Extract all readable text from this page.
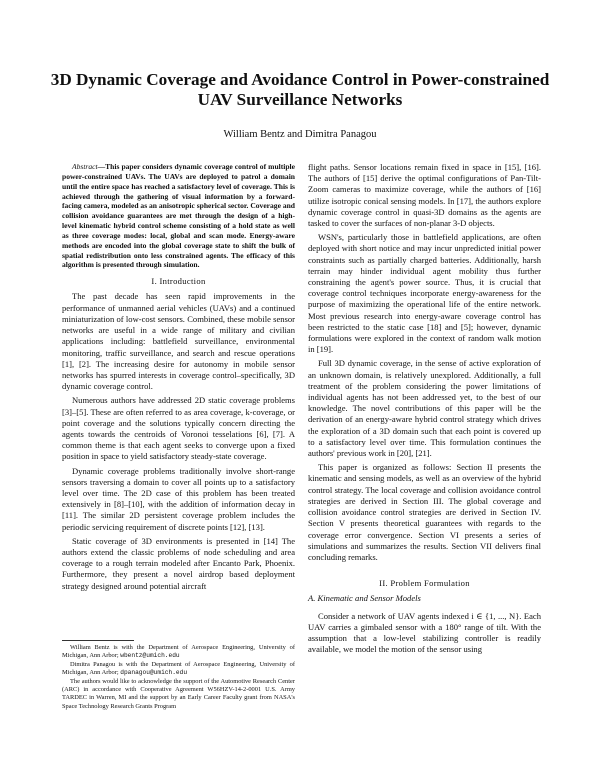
3D Dynamic Coverage and Avoidance Control in Power-constrained UAV Surveillance Networks
William Bentz and Dimitra Panagou

Abstract—This paper considers dynamic coverage control of multiple power-constrained UAVs. The UAVs are deployed to patrol a domain until the entire space has reached a satisfactory level of coverage. This is achieved through the gathering of visual information by a forward-facing camera, modeled as an anisotropic spherical sector. Coverage and collision avoidance guarantees are met through the design of a high-level kinematic hybrid control scheme consisting of a hold state as well as three coverage modes: local, global and scan mode. Energy-aware methods are encoded into the global coverage state to shift the bulk of spatial redistribution onto less constrained agents. The efficacy of this algorithm is presented through simulation.

I. Introduction

The past decade has seen rapid improvements in the performance of unmanned aerial vehicles (UAVs) and a continued miniaturization of low-cost sensors. Combined, these mobile sensor networks are useful in a wide range of military and civilian applications including: battlefield surveillance, environmental monitoring, traffic surveillance, and search and rescue operations [1], [2]. The increasing desire for autonomy in mobile sensor networks has spurred interests in coverage control–specifically, 3D dynamic coverage control.

Numerous authors have addressed 2D static coverage problems [3]–[5]. These are often referred to as area coverage, k-coverage, or point coverage and the solutions typically concern directing the agents towards the centroids of Voronoi tesselations [6], [7]. A common theme is that each agent seeks to converge upon a fixed position in space to yield satisfactory steady-state coverage.

Dynamic coverage problems traditionally involve short-range sensors traversing a domain to cover all points up to a satisfactory level over time. The 2D case of this problem has been treated extensively in [8]–[10], with the addition of information decay in [11]. The similar 2D persistent coverage problem includes the periodic servicing requirement of discrete points [12], [13].

Static coverage of 3D environments is presented in [14] The authors extend the classic problems of node scheduling and area coverage to a rough terrain modeled after Encanto Park, Phoenix. Furthermore, they present a novel airdrop based deployment strategy designed around potential aircraft

William Bentz is with the Department of Aerospace Engineering, University of Michigan, Ann Arbor; wbentz@umich.edu

Dimitra Panagou is with the Department of Aerospace Engineering, University of Michigan, Ann Arbor; dpanagou@umich.edu

The authors would like to acknowledge the support of the Automotive Research Center (ARC) in accordance with Cooperative Agreement W56HZV-14-2-0001 U.S. Army TARDEC in Warren, MI and the support by an Early Career Faculty grant from NASA's Space Technology Research Grants Program

flight paths. Sensor locations remain fixed in space in [15], [16]. The authors of [15] derive the optimal configurations of Pan-Tilt-Zoom cameras to maximize coverage, while the authors of [16] utilize isotropic conical sensing models. In [17], the authors explore dynamic coverage control in quasi-3D domains as the agents are tasked to cover the surfaces of non-planar 3-D objects.

WSN's, particularly those in battlefield applications, are often deployed with short notice and may incur unpredicted initial power constraints such as partially charged batteries. Additionally, harsh terrain may hinder individual agent mobility thus further constraining the agent's power source. Thus, it is crucial that coverage control techniques incorporate energy-awareness for the purpose of maximizing the operational life of the entire network. Most previous research into energy-aware coverage control has been restricted to the static case [18] and [5]; however, dynamic formulations were explored in the context of random walk motion in [19].

Full 3D dynamic coverage, in the sense of active exploration of an unknown domain, is relatively unexplored. Additionally, a full treatment of the problem considering the power limitations of individual agents has not been addressed yet, to the best of our knowledge. The novel contributions of this paper will be the derivation of an energy-aware hybrid control strategy which drives the exploration of a 3D domain such that each point is covered up to a satisfactory level over time. This formulation continues the authors' previous work in [20], [21].

This paper is organized as follows: Section II presents the kinematic and sensing models, as well as an overview of the hybrid control strategy. The local coverage and collision avoidance control strategies are derived in Section III. The global coverage and collision avoidance control strategies are derived in Section IV. Section V presents theoretical guarantees with regards to the coverage error convergence. Section VI presents a series of simulations and summarizes the results. Section VII delivers final concluding remarks.

II. Problem Formulation
A. Kinematic and Sensor Models

Consider a network of UAV agents indexed i ∈ {1, ..., N}. Each UAV carries a gimbaled sensor with a 180° range of tilt. With the assumption that a low-level stabilizing controller is readily available, we model the motion of the sensor using
